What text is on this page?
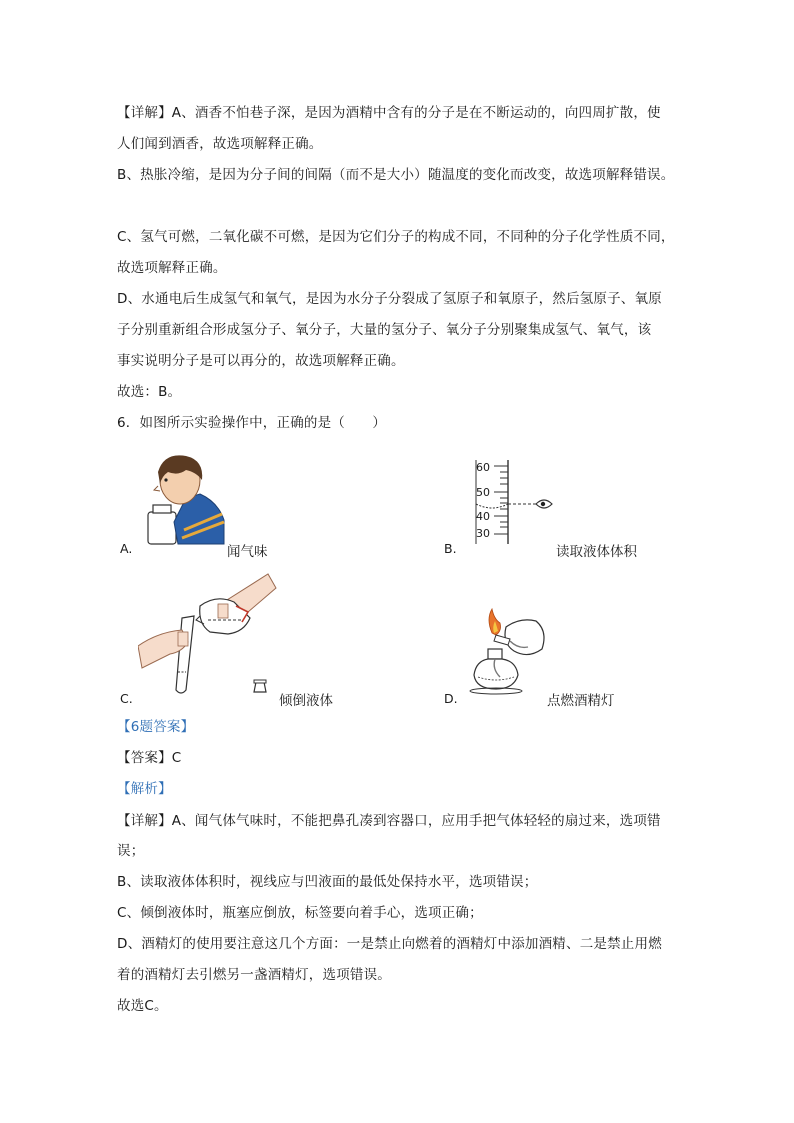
【详解】A、酒香不怕巷子深，是因为酒精中含有的分子是在不断运动的，向四周扩散，使
人们闻到酒香，故选项解释正确。
B、热胀冷缩，是因为分子间的间隔（而不是大小）随温度的变化而改变，故选项解释错误。
C、氢气可燃，二氧化碳不可燃，是因为它们分子的构成不同，不同种的分子化学性质不同，
故选项解释正确。
D、水通电后生成氢气和氧气，是因为水分子分裂成了氢原子和氧原子，然后氢原子、氧原
子分别重新组合形成氢分子、氧分子，大量的氢分子、氧分子分别聚集成氢气、氧气，该
事实说明分子是可以再分的，故选项解释正确。
故选：B。
6．如图所示实验操作中，正确的是（　　）
A.	闻气味
60
50
40
30
B.	读取液体体积
C.	倾倒液体	D.	点燃酒精灯
【6题答案】
【答案】C
【解析】
【详解】A、闻气体气味时，不能把鼻孔凑到容器口，应用手把气体轻轻的扇过来，选项错
误；
B、读取液体体积时，视线应与凹液面的最低处保持水平，选项错误；
C、倾倒液体时，瓶塞应倒放，标签要向着手心，选项正确；
D、酒精灯的使用要注意这几个方面：一是禁止向燃着的酒精灯中添加酒精、二是禁止用燃
着的酒精灯去引燃另一盏酒精灯，选项错误。
故选C。
